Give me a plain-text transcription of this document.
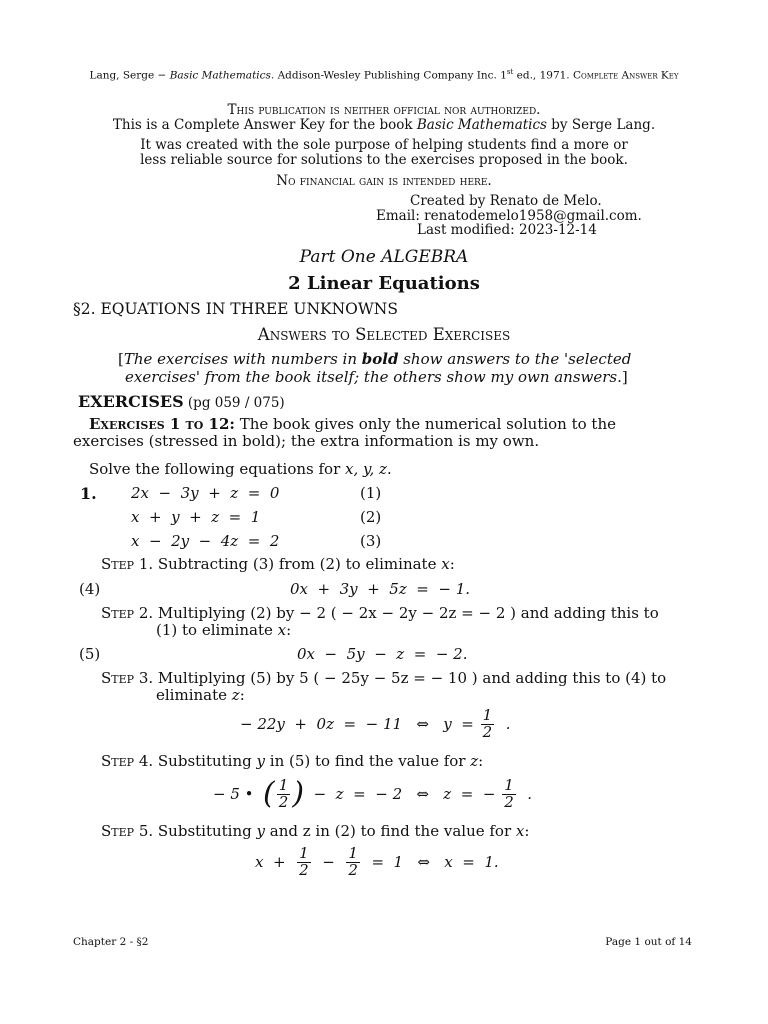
Lang, Serge − Basic Mathematics. Addison-Wesley Publishing Company Inc. 1st ed., 1971. Complete Answer Key
This publication is neither official nor authorized.
This is a Complete Answer Key for the book Basic Mathematics by Serge Lang.
It was created with the sole purpose of helping students find a more or
less reliable source for solutions to the exercises proposed in the book.
No financial gain is intended here.
Created by Renato de Melo.
Email: renatodemelo1958@gmail.com.
Last modified: 2023-12-14
Part One ALGEBRA
2 Linear Equations
§2. EQUATIONS IN THREE UNKNOWNS
Answers to Selected Exercises
[The exercises with numbers in bold show answers to the 'selected
exercises' from the book itself; the others show my own answers.]
EXERCISES (pg 059 / 075)
Exercises 1 to 12: The book gives only the numerical solution to the
exercises (stressed in bold); the extra information is my own.
Solve the following equations for x, y, z.
1. 2x  −  3y  +  z  =  0	(1)
x  +  y  +  z  =  1	(2)
x  −  2y  −  4z  =  2	(3)
Step 1. Subtracting (3) from (2) to eliminate x:
(4)	0x  +  3y  +  5z  =  − 1.
Step 2. Multiplying (2) by − 2 ( − 2x − 2y − 2z = − 2 ) and adding this to
(1) to eliminate x:
(5)	0x  −  5y  −  z  =  − 2.
Step 3. Multiplying (5) by 5 ( − 25y − 5z = − 10 ) and adding this to (4) to
eliminate z:
− 22y  +  0z  =  − 11   ⇔   $y = \frac{1}{2}$ .
Step 4. Substituting y in (5) to find the value for z:
− 5 • ( $\frac{1}{2}$ ) −  z  =  − 2   ⇔   z  =  − $\frac{1}{2}$ .
Step 5. Substituting y and z in (2) to find the value for x:
$x + \frac{1}{2} - \frac{1}{2} = 1$   ⇔   x  =  1.
Chapter 2 - §2	Page 1 out of 14
